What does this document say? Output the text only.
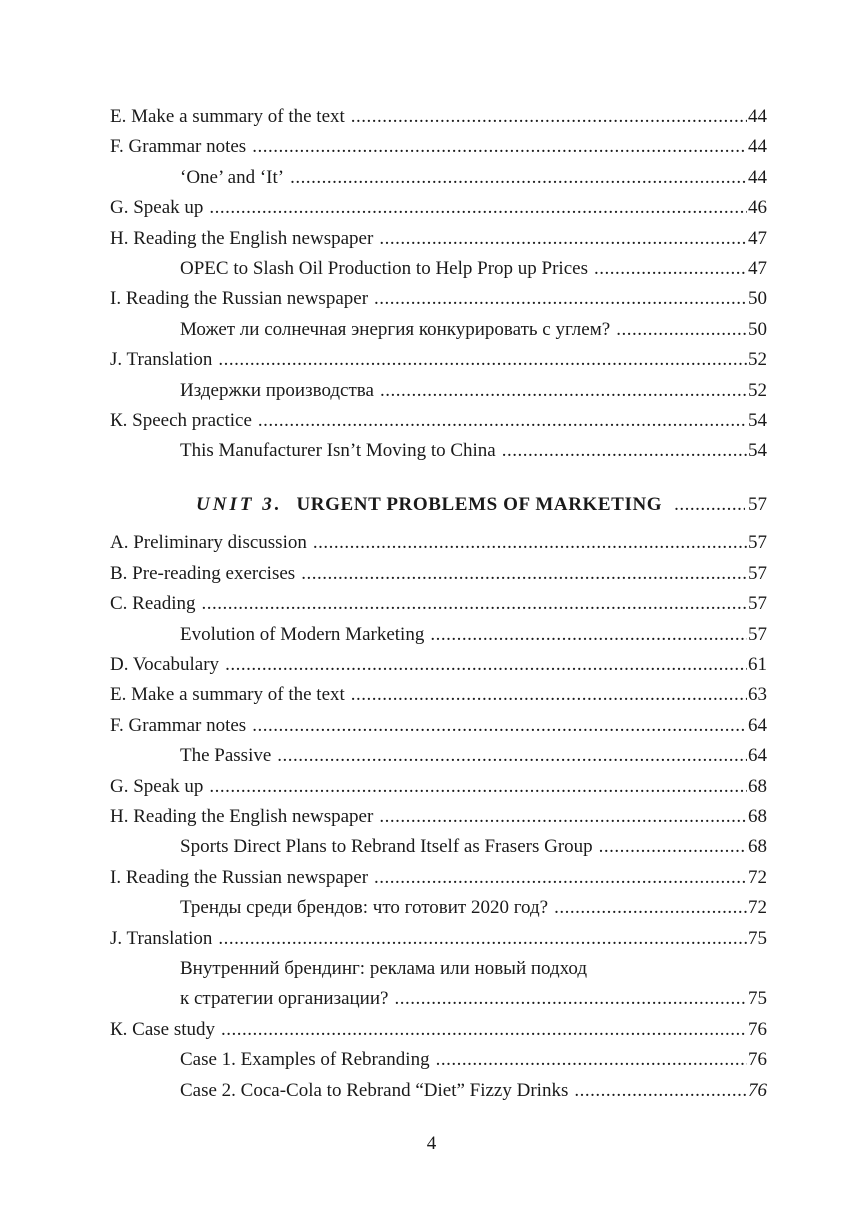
E. Make a summary of the text .....	44
F. Grammar notes .....	44
‘One’ and ‘It’ .....	44
G. Speak up .....	46
H. Reading the English newspaper .....	47
OPEC to Slash Oil Production to Help Prop up Prices .....	47
I. Reading the Russian newspaper .....	50
Может ли солнечная энергия конкурировать с углем? .....	50
J. Translation .....	52
Издержки производства .....	52
К. Speech practice .....	54
This Manufacturer Isn’t Moving to China .....	54
UNIT 3. URGENT PROBLEMS OF MARKETING .....	57
A. Preliminary discussion .....	57
B. Pre-reading exercises .....	57
C. Reading .....	57
Evolution of Modern Marketing .....	57
D. Vocabulary .....	61
E. Make a summary of the text .....	63
F. Grammar notes .....	64
The Passive .....	64
G. Speak up .....	68
H. Reading the English newspaper .....	68
Sports Direct Plans to Rebrand Itself as Frasers Group .....	68
I. Reading the Russian newspaper .....	72
Тренды среди брендов: что готовит 2020 год? .....	72
J. Translation .....	75
Внутренний брендинг: реклама или новый подход
к стратегии организации? .....	75
К. Case study .....	76
Case 1. Examples of Rebranding .....	76
Case 2. Coca-Cola to Rebrand “Diet” Fizzy Drinks .....	76
4
